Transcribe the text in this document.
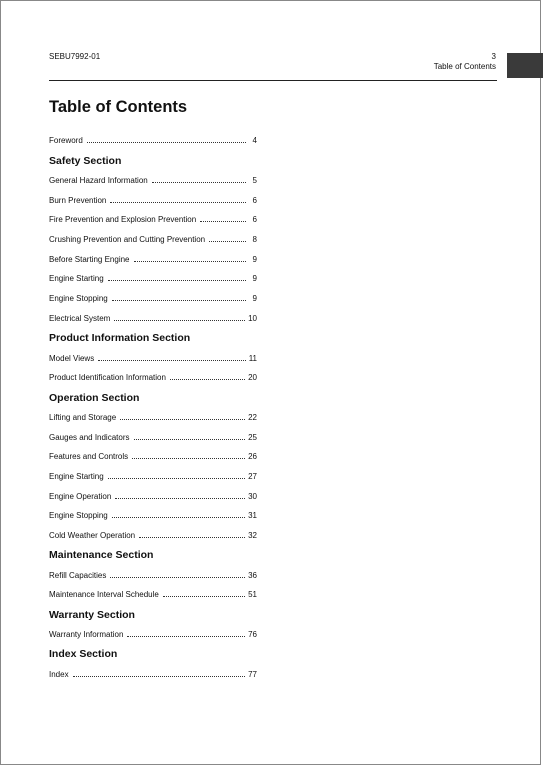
SEBU7992-01	3
Table of Contents
Table of Contents
Foreword	4
Safety Section
General Hazard Information	5
Burn Prevention	6
Fire Prevention and Explosion Prevention	6
Crushing Prevention and Cutting Prevention	8
Before Starting Engine	9
Engine Starting	9
Engine Stopping	9
Electrical System	10
Product Information Section
Model Views	11
Product Identification Information	20
Operation Section
Lifting and Storage	22
Gauges and Indicators	25
Features and Controls	26
Engine Starting	27
Engine Operation	30
Engine Stopping	31
Cold Weather Operation	32
Maintenance Section
Refill Capacities	36
Maintenance Interval Schedule	51
Warranty Section
Warranty Information	76
Index Section
Index	77
